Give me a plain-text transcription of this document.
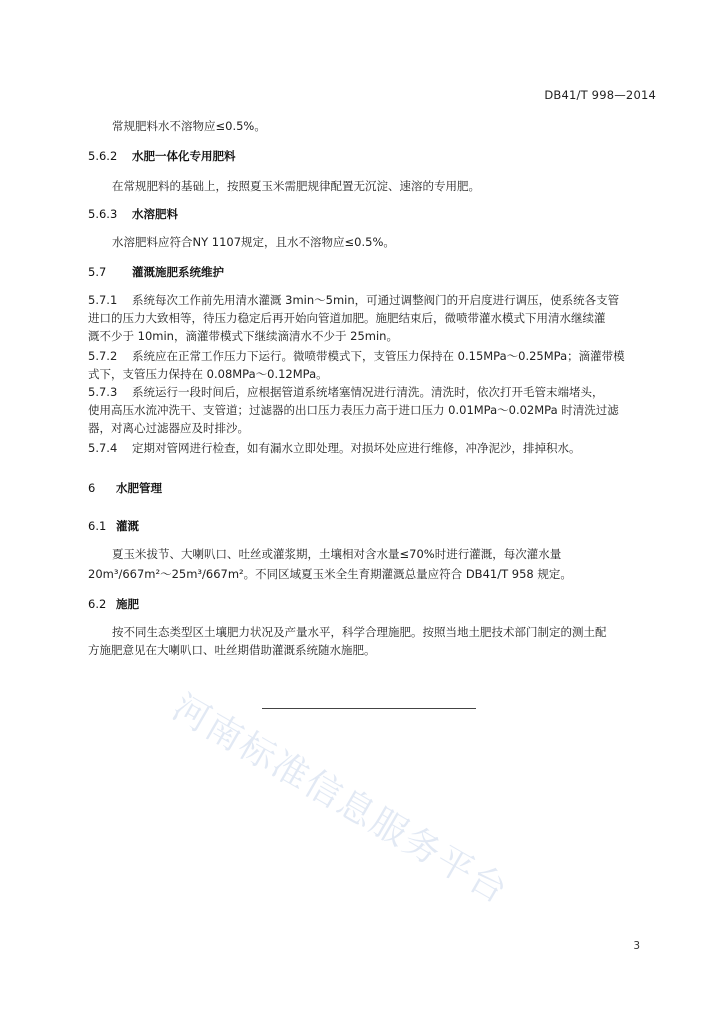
DB41/T 998—2014
常规肥料水不溶物应≤0.5%。
5.6.2 水肥一体化专用肥料
在常规肥料的基础上，按照夏玉米需肥规律配置无沉淀、速溶的专用肥。
5.6.3 水溶肥料
水溶肥料应符合NY 1107规定，且水不溶物应≤0.5%。
5.7 灌溉施肥系统维护
5.7.1 系统每次工作前先用清水灌溉 3min～5min，可通过调整阀门的开启度进行调压，使系统各支管
进口的压力大致相等，待压力稳定后再开始向管道加肥。施肥结束后，微喷带灌水模式下用清水继续灌
溉不少于 10min，滴灌带模式下继续滴清水不少于 25min。
5.7.2 系统应在正常工作压力下运行。微喷带模式下，支管压力保持在 0.15MPa～0.25MPa；滴灌带模
式下，支管压力保持在 0.08MPa～0.12MPa。
5.7.3 系统运行一段时间后，应根据管道系统堵塞情况进行清洗。清洗时，依次打开毛管末端堵头，
使用高压水流冲洗干、支管道；过滤器的出口压力表压力高于进口压力 0.01MPa～0.02MPa 时清洗过滤
器，对离心过滤器应及时排沙。
5.7.4 定期对管网进行检查，如有漏水立即处理。对损坏处应进行维修，冲净泥沙，排掉积水。
6 水肥管理
6.1 灌溉
夏玉米拔节、大喇叭口、吐丝或灌浆期，土壤相对含水量≤70%时进行灌溉，每次灌水量
20m³/667m²～25m³/667m²。不同区域夏玉米全生育期灌溉总量应符合 DB41/T 958 规定。
6.2 施肥
按不同生态类型区土壤肥力状况及产量水平，科学合理施肥。按照当地土肥技术部门制定的测土配
方施肥意见在大喇叭口、吐丝期借助灌溉系统随水施肥。
河南标准信息服务平台
3
